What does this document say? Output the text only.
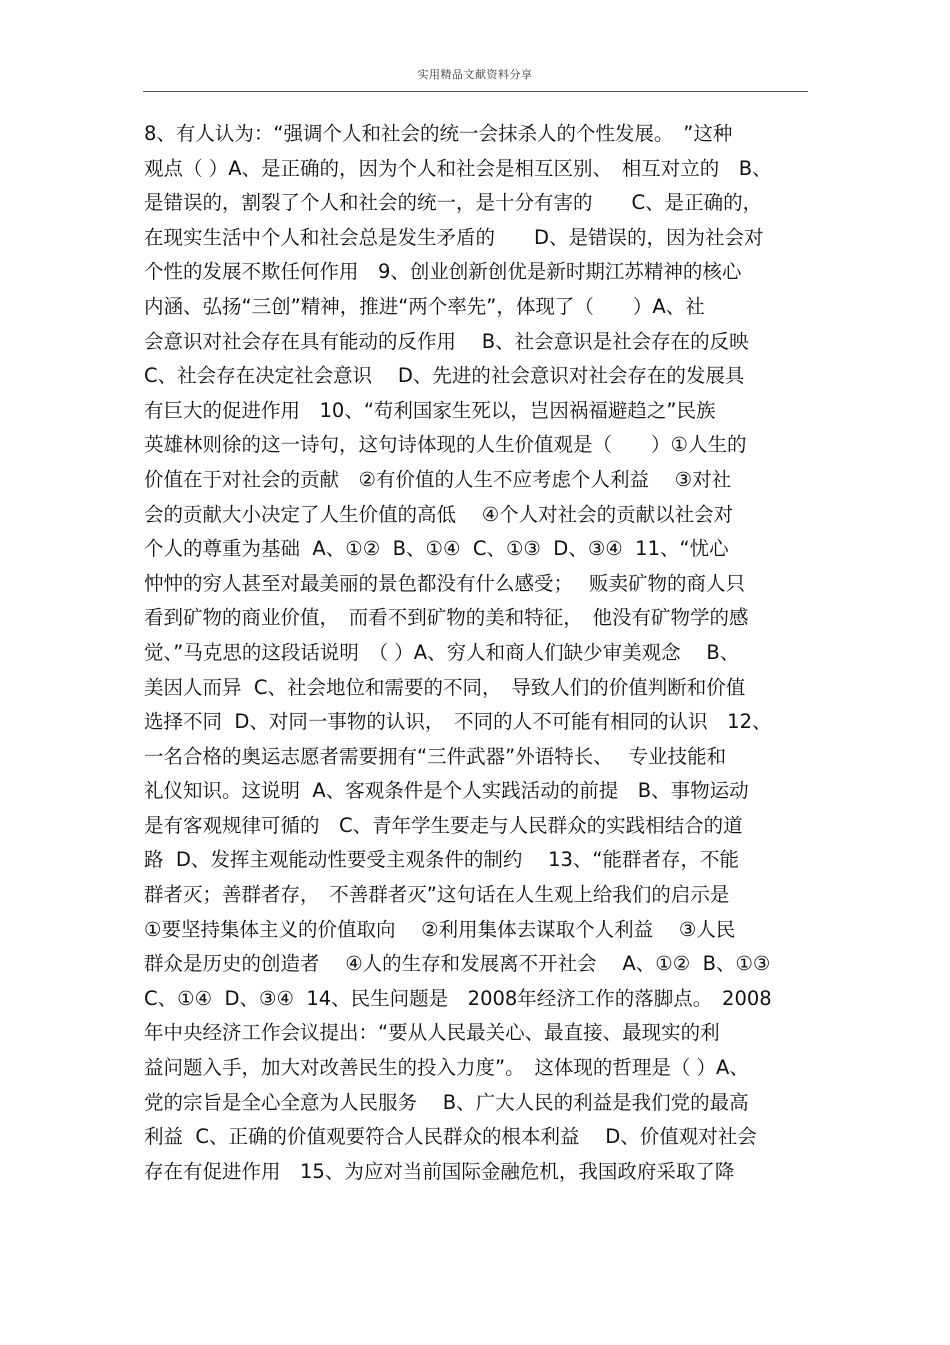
实用精品文献资料分享
8、有人认为：“强调个人和社会的统一会抹杀人的个性发展。　”这种
观点（ ）A、是正确的，因为个人和社会是相互区别、　相互对立的　B、
是错误的，割裂了个人和社会的统一，是十分有害的　　C、是正确的，
在现实生活中个人和社会总是发生矛盾的　　D、是错误的，因为社会对
个性的发展不欺任何作用　9、创业创新创优是新时期江苏精神的核心
内涵、弘扬“三创”精神，推进“两个率先”，体现了（　　）A、社
会意识对社会存在具有能动的反作用　 B、社会意识是社会存在的反映
C、社会存在决定社会意识　 D、先进的社会意识对社会存在的发展具
有巨大的促进作用　10、“苟利国家生死以，岂因祸福避趋之”民族
英雄林则徐的这一诗句，这句诗体现的人生价值观是（　　）①人生的
价值在于对社会的贡献　②有价值的人生不应考虑个人利益　 ③对社
会的贡献大小决定了人生价值的高低　 ④个人对社会的贡献以社会对
个人的尊重为基础  A、①②  B、①④  C、①③  D、③④  11、“忧心
忡忡的穷人甚至对最美丽的景色都没有什么感受；　 贩卖矿物的商人只
看到矿物的商业价值，　而看不到矿物的美和特征，　他没有矿物学的感
觉、”马克思的这段话说明　（ ）A、穷人和商人们缺少审美观念　 B、
美因人而异  C、社会地位和需要的不同，　导致人们的价值判断和价值
选择不同  D、对同一事物的认识，　不同的人不可能有相同的认识　12、
一名合格的奥运志愿者需要拥有“三件武器”外语特长、　 专业技能和
礼仪知识。这说明  A、客观条件是个人实践活动的前提　B、事物运动
是有客观规律可循的　C、青年学生要走与人民群众的实践相结合的道
路  D、发挥主观能动性要受主观条件的制约　 13、“能群者存，不能
群者灭；善群者存，　不善群者灭”这句话在人生观上给我们的启示是
①要坚持集体主义的价值取向　 ②利用集体去谋取个人利益　 ③人民
群众是历史的创造者　 ④人的生存和发展离不开社会　 A、①②  B、①③
C、①④  D、③④  14、民生问题是　2008年经济工作的落脚点。　2008
年中央经济工作会议提出：“要从人民最关心、最直接、最现实的利
益问题入手，加大对改善民生的投入力度”。　这体现的哲理是（ ）A、
党的宗旨是全心全意为人民服务　 B、广大人民的利益是我们党的最高
利益  C、正确的价值观要符合人民群众的根本利益　 D、价值观对社会
存在有促进作用　15、为应对当前国际金融危机，我国政府采取了降
